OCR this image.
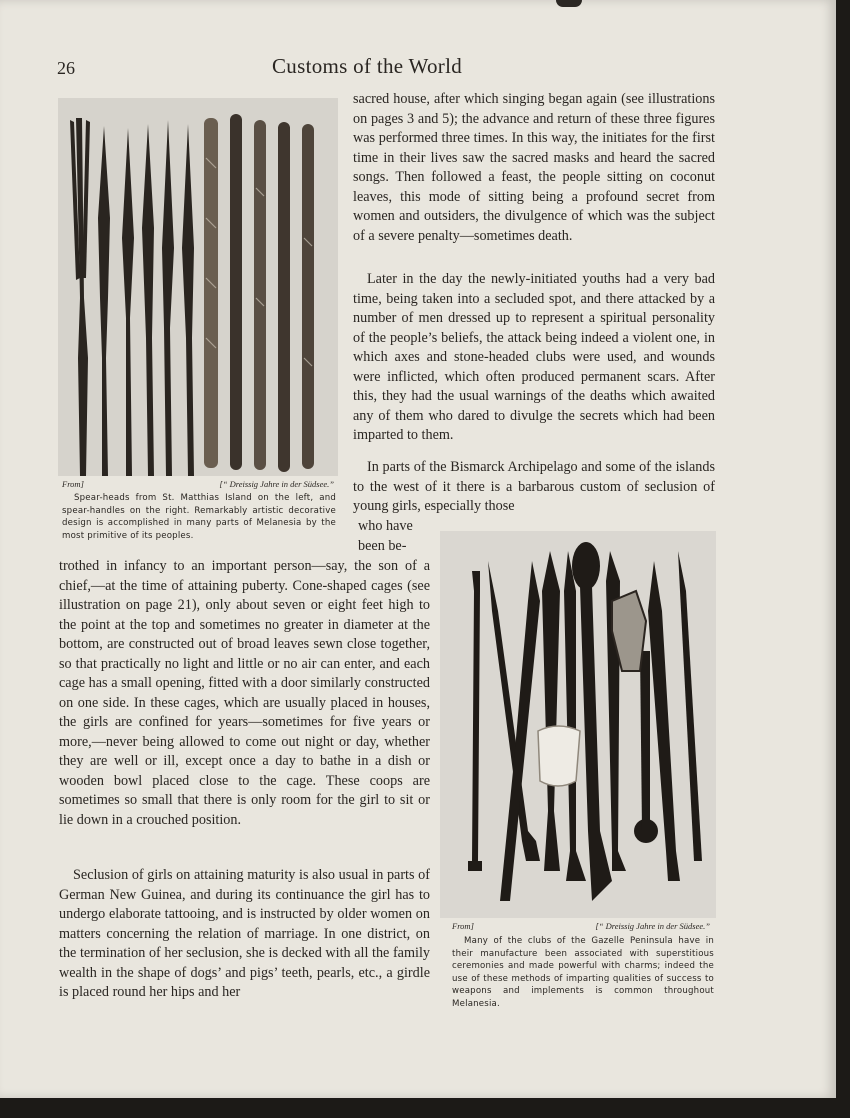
26	Customs of the World
From]	[“ Dreissig Jahre in der Südsee.”

Spear-heads from St. Matthias Island on the left, and spear-handles on the right. Remarkably artistic decorative design is accomplished in many parts of Melanesia by the most primitive of its peoples.

sacred house, after which singing began again (see illustrations on pages 3 and 5); the advance and return of these three figures was performed three times. In this way, the initiates for the first time in their lives saw the sacred masks and heard the sacred songs. Then followed a feast, the people sitting on coconut leaves, this mode of sitting being a profound secret from women and outsiders, the divulgence of which was the subject of a severe penalty—sometimes death.

Later in the day the newly-initiated youths had a very bad time, being taken into a secluded spot, and there attacked by a number of men dressed up to represent a spiritual personality of the people’s beliefs, the attack being indeed a violent one, in which axes and stone-headed clubs were used, and wounds were inflicted, which often produced permanent scars. After this, they had the usual warnings of the deaths which awaited any of them who dared to divulge the secrets which had been imparted to them.

In parts of the Bismarck Archipelago and some of the islands to the west of it there is a barbarous custom of seclusion of young girls, especially those

who have

been be-

trothed in infancy to an important person—say, the son of a chief,—at the time of attaining puberty. Cone-shaped cages (see illustration on page 21), only about seven or eight feet high to the point at the top and sometimes no greater in diameter at the bottom, are constructed out of broad leaves sewn close together, so that practically no light and little or no air can enter, and each cage has a small opening, fitted with a door similarly constructed on one side. In these cages, which are usually placed in houses, the girls are confined for years—sometimes for five years or more,—never being allowed to come out night or day, whether they are well or ill, except once a day to bathe in a dish or wooden bowl placed close to the cage. These coops are sometimes so small that there is only room for the girl to sit or lie down in a crouched position.

Seclusion of girls on attaining maturity is also usual in parts of German New Guinea, and during its continuance the girl has to undergo elaborate tattooing, and is instructed by older women on matters concerning the relation of marriage. In one district, on the termination of her seclusion, she is decked with all the family wealth in the shape of dogs’ and pigs’ teeth, pearls, etc., a girdle is placed round her hips and her

From]	[“ Dreissig Jahre in der Südsee.”

Many of the clubs of the Gazelle Peninsula have in their manufacture been associated with superstitious ceremonies and made powerful with charms; indeed the use of these methods of imparting qualities of success to weapons and implements is common throughout Melanesia.
